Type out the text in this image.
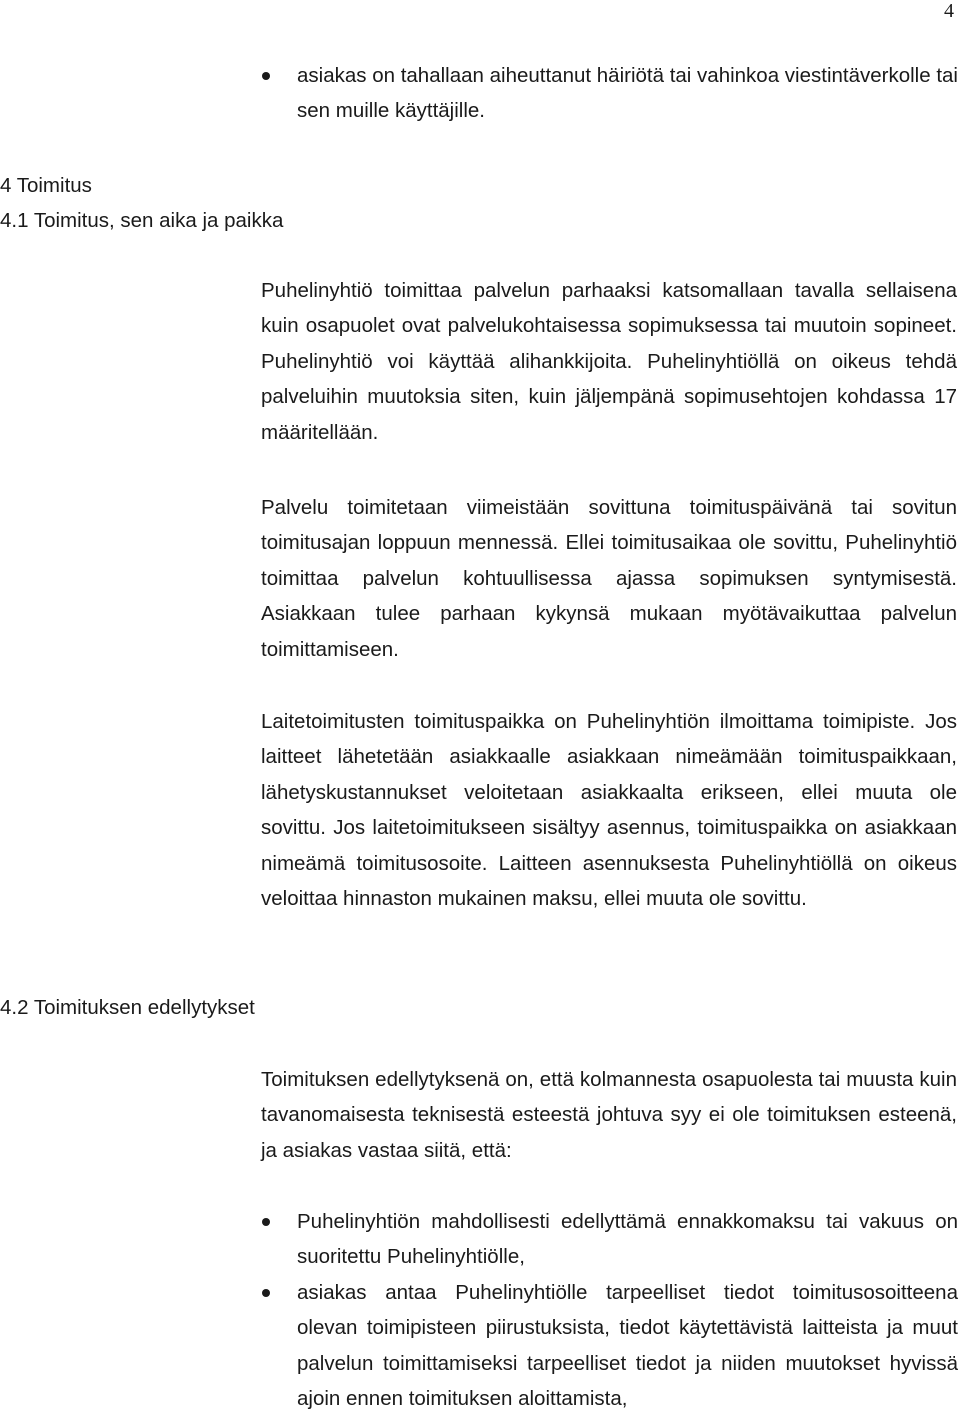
4
asiakas on tahallaan aiheuttanut häiriötä tai vahinkoa viestintäverkolle tai sen muille käyttäjille.
4 Toimitus
4.1 Toimitus, sen aika ja paikka

Puhelinyhtiö toimittaa palvelun parhaaksi katsomallaan tavalla sellaisena kuin osapuolet ovat palvelukohtaisessa sopimuksessa tai muutoin sopineet. Puhelinyhtiö voi käyttää alihankkijoita. Puhelinyhtiöllä on oikeus tehdä palveluihin muutoksia siten, kuin jäljempänä sopimusehtojen kohdassa 17 määritellään.

Palvelu toimitetaan viimeistään sovittuna toimituspäivänä tai sovitun toimitusajan loppuun mennessä. Ellei toimitusaikaa ole sovittu, Puhelinyhtiö toimittaa palvelun kohtuullisessa ajassa sopimuksen syntymisestä. Asiakkaan tulee parhaan kykynsä mukaan myötävaikuttaa palvelun toimittamiseen.

Laitetoimitusten toimituspaikka on Puhelinyhtiön ilmoittama toimipiste. Jos laitteet lähetetään asiakkaalle asiakkaan nimeämään toimituspaikkaan, lähetyskustannukset veloitetaan asiakkaalta erikseen, ellei muuta ole sovittu. Jos laitetoimitukseen sisältyy asennus, toimituspaikka on asiakkaan nimeämä toimitusosoite. Laitteen asennuksesta Puhelinyhtiöllä on oikeus veloittaa hinnaston mukainen maksu, ellei muuta ole sovittu.

4.2 Toimituksen edellytykset

Toimituksen edellytyksenä on, että kolmannesta osapuolesta tai muusta kuin tavanomaisesta teknisestä esteestä johtuva syy ei ole toimituksen esteenä, ja asiakas vastaa siitä, että:

Puhelinyhtiön mahdollisesti edellyttämä ennakkomaksu tai vakuus on suoritettu Puhelinyhtiölle,
asiakas antaa Puhelinyhtiölle tarpeelliset tiedot toimitusosoitteena olevan toimipisteen piirustuksista, tiedot käytettävistä laitteista ja muut palvelun toimittamiseksi tarpeelliset tiedot ja niiden muutokset hyvissä ajoin ennen toimituksen aloittamista,
